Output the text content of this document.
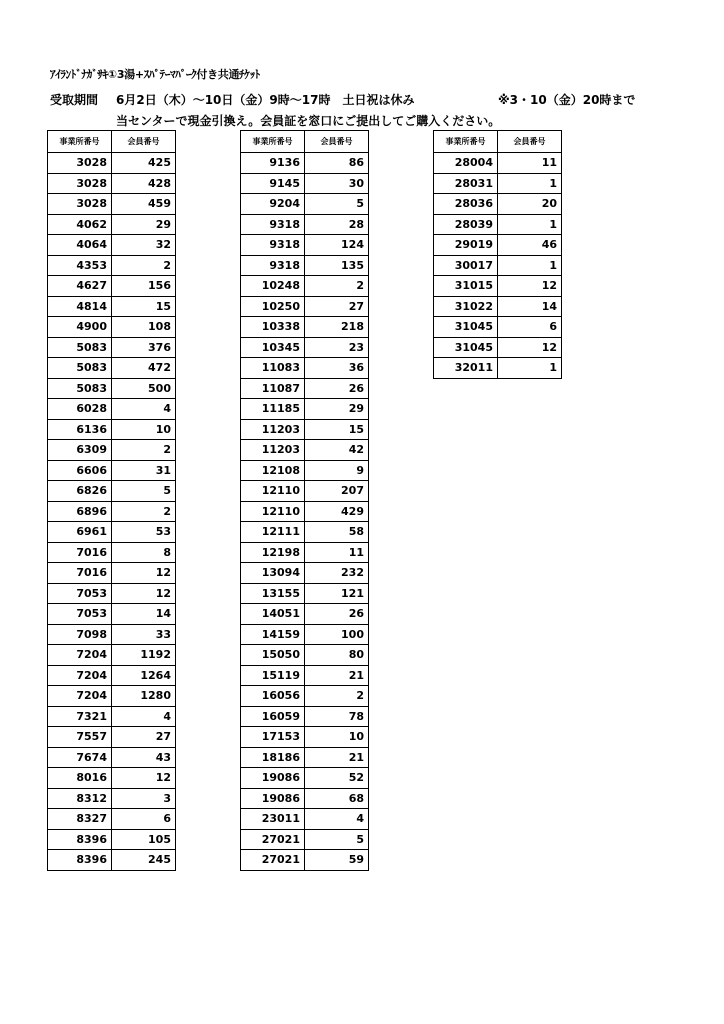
ｱｲﾗﾝﾄﾞﾅｶﾞｻｷ①3湯+ｽﾊﾟﾃｰﾏﾊﾟｰｸ付き共通ﾁｹｯﾄ
受取期間 6月2日（木）～10日（金）9時～17時　土日祝は休み	※3・10（金）20時まで
当センターで現金引換え。会員証を窓口にご提出してご購入ください。
事業所番号	会員番号
3028	425
3028	428
3028	459
4062	29
4064	32
4353	2
4627	156
4814	15
4900	108
5083	376
5083	472
5083	500
6028	4
6136	10
6309	2
6606	31
6826	5
6896	2
6961	53
7016	8
7016	12
7053	12
7053	14
7098	33
7204	1192
7204	1264
7204	1280
7321	4
7557	27
7674	43
8016	12
8312	3
8327	6
8396	105
8396	245
事業所番号	会員番号
9136	86
9145	30
9204	5
9318	28
9318	124
9318	135
10248	2
10250	27
10338	218
10345	23
11083	36
11087	26
11185	29
11203	15
11203	42
12108	9
12110	207
12110	429
12111	58
12198	11
13094	232
13155	121
14051	26
14159	100
15050	80
15119	21
16056	2
16059	78
17153	10
18186	21
19086	52
19086	68
23011	4
27021	5
27021	59
事業所番号	会員番号
28004	11
28031	1
28036	20
28039	1
29019	46
30017	1
31015	12
31022	14
31045	6
31045	12
32011	1
